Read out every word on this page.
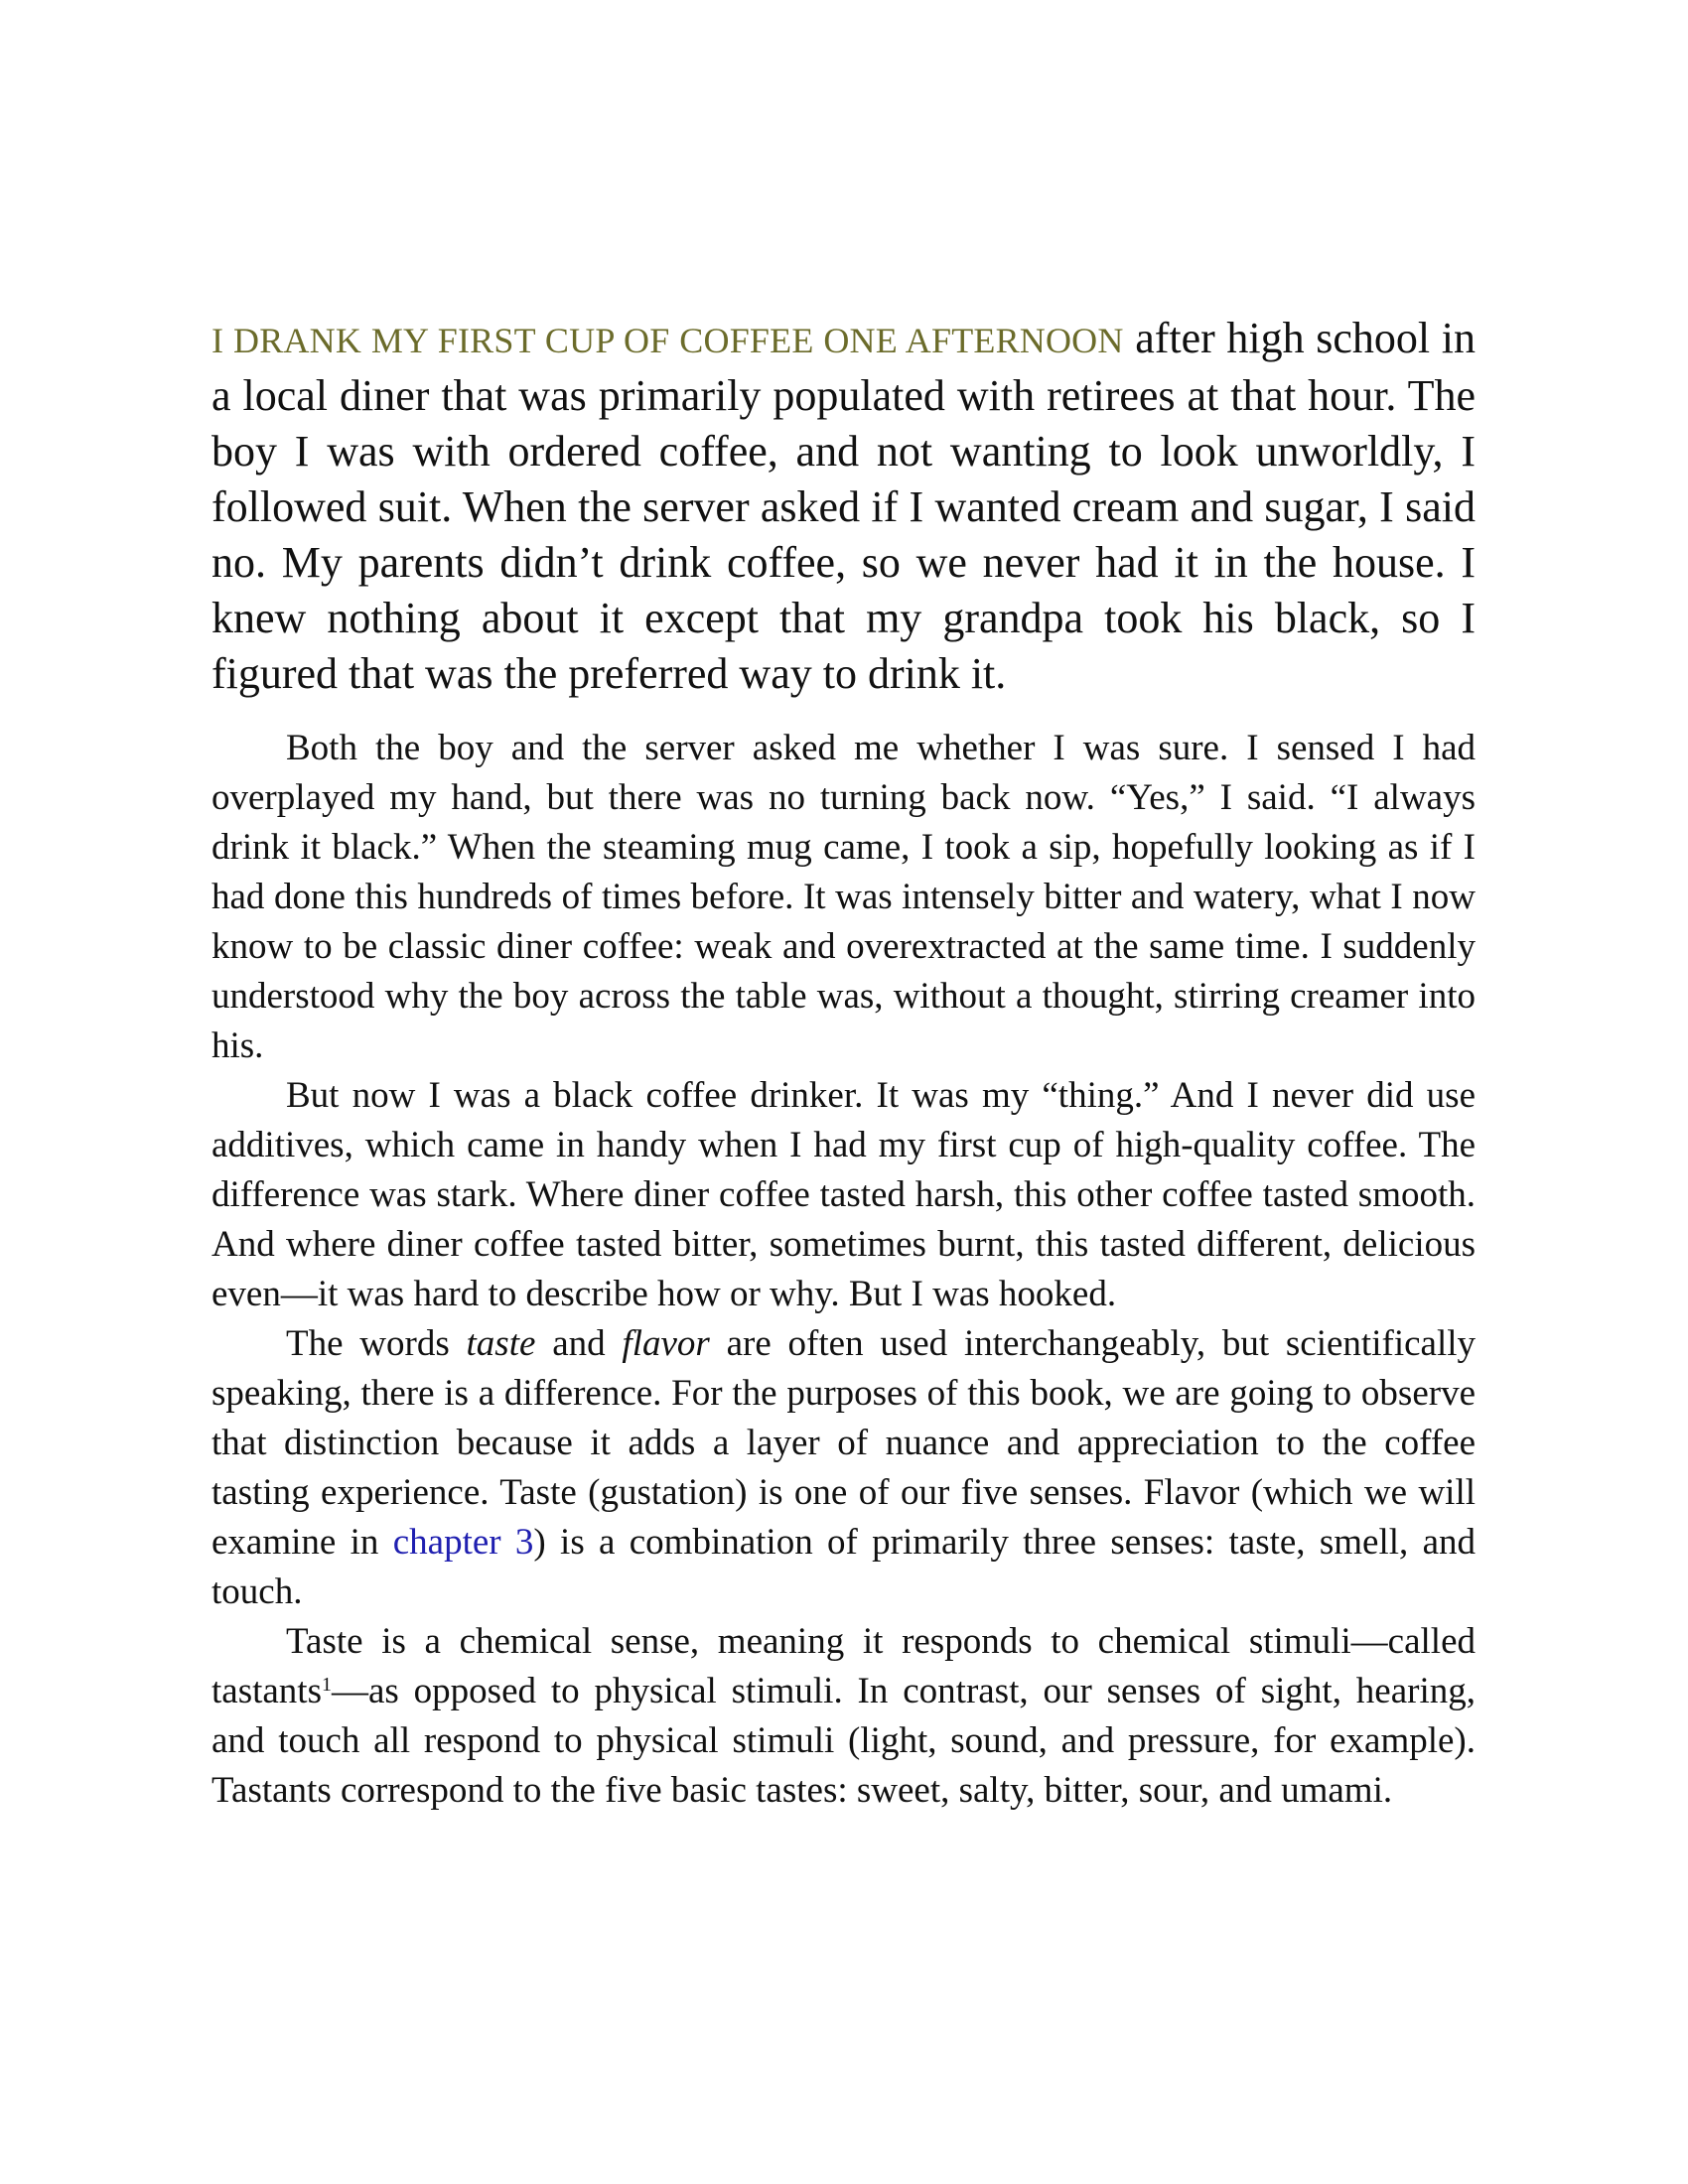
I DRANK MY FIRST CUP OF COFFEE ONE AFTERNOON after high school in a local diner that was primarily populated with retirees at that hour. The boy I was with ordered coffee, and not wanting to look unworldly, I followed suit. When the server asked if I wanted cream and sugar, I said no. My parents didn’t drink coffee, so we never had it in the house. I knew nothing about it except that my grandpa took his black, so I figured that was the preferred way to drink it.

Both the boy and the server asked me whether I was sure. I sensed I had overplayed my hand, but there was no turning back now. “Yes,” I said. “I always drink it black.” When the steaming mug came, I took a sip, hopefully looking as if I had done this hundreds of times before. It was intensely bitter and watery, what I now know to be classic diner coffee: weak and overextracted at the same time. I suddenly understood why the boy across the table was, without a thought, stirring creamer into his.

But now I was a black coffee drinker. It was my “thing.” And I never did use additives, which came in handy when I had my first cup of high-quality coffee. The difference was stark. Where diner coffee tasted harsh, this other coffee tasted smooth. And where diner coffee tasted bitter, sometimes burnt, this tasted different, delicious even—it was hard to describe how or why. But I was hooked.

The words taste and flavor are often used interchangeably, but scientifically speaking, there is a difference. For the purposes of this book, we are going to observe that distinction because it adds a layer of nuance and appreciation to the coffee tasting experience. Taste (gustation) is one of our five senses. Flavor (which we will examine in chapter 3) is a combination of primarily three senses: taste, smell, and touch.

Taste is a chemical sense, meaning it responds to chemical stimuli—called tastants$^1$—as opposed to physical stimuli. In contrast, our senses of sight, hearing, and touch all respond to physical stimuli (light, sound, and pressure, for example). Tastants correspond to the five basic tastes: sweet, salty, bitter, sour, and umami.
